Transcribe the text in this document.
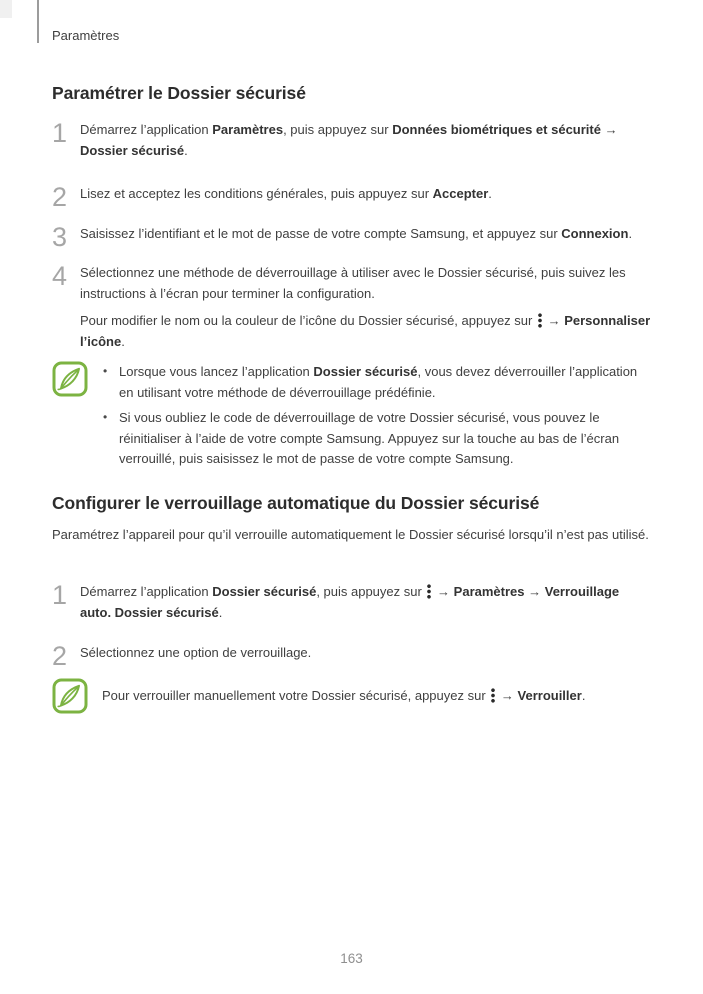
Paramètres
Paramétrer le Dossier sécurisé
1 Démarrez l’application Paramètres, puis appuyez sur Données biométriques et sécurité → Dossier sécurisé.
2 Lisez et acceptez les conditions générales, puis appuyez sur Accepter.
3 Saisissez l’identifiant et le mot de passe de votre compte Samsung, et appuyez sur Connexion.
4 Sélectionnez une méthode de déverrouillage à utiliser avec le Dossier sécurisé, puis suivez les instructions à l’écran pour terminer la configuration.
Pour modifier le nom ou la couleur de l’icône du Dossier sécurisé, appuyez sur  → Personnaliser l’icône.
• Lorsque vous lancez l’application Dossier sécurisé, vous devez déverrouiller l’application en utilisant votre méthode de déverrouillage prédéfinie.
• Si vous oubliez le code de déverrouillage de votre Dossier sécurisé, vous pouvez le réinitialiser à l’aide de votre compte Samsung. Appuyez sur la touche au bas de l’écran verrouillé, puis saisissez le mot de passe de votre compte Samsung.
Configurer le verrouillage automatique du Dossier sécurisé
Paramétrez l’appareil pour qu’il verrouille automatiquement le Dossier sécurisé lorsqu’il n’est pas utilisé.
1 Démarrez l’application Dossier sécurisé, puis appuyez sur  → Paramètres → Verrouillage auto. Dossier sécurisé.
2 Sélectionnez une option de verrouillage.
Pour verrouiller manuellement votre Dossier sécurisé, appuyez sur  → Verrouiller.
163
